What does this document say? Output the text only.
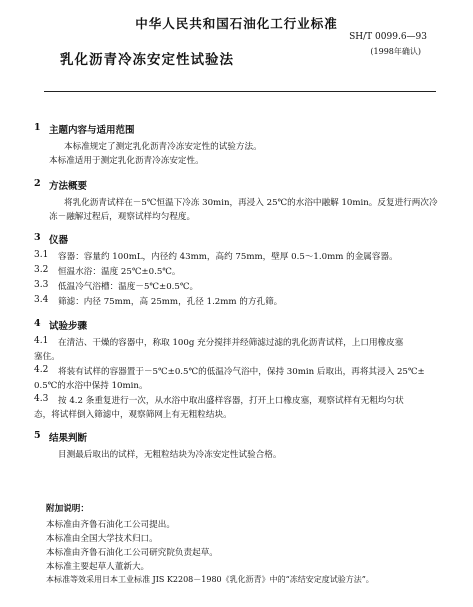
中华人民共和国石油化工行业标准
SH/T 0099.6—93
乳化沥青冷冻安定性试验法
(1998年确认)
1 主题内容与适用范围
本标准规定了测定乳化沥青冷冻安定性的试验方法。
本标准适用于测定乳化沥青冷冻安定性。
2 方法概要
将乳化沥青试样在－5℃恒温下冷冻 30min，再浸入 25℃的水浴中融解 10min。反复进行两次冷
冻－融解过程后，观察试样均匀程度。
3 仪器
3.1 容器：容量约 100mL，内径约 43mm，高约 75mm，壁厚 0.5～1.0mm 的金属容器。
3.2 恒温水浴：温度 25℃±0.5℃。
3.3 低温冷气浴槽：温度－5℃±0.5℃。
3.4 筛滤：内径 75mm，高 25mm，孔径 1.2mm 的方孔筛。
4 试验步骤
4.1 在清洁、干燥的容器中，称取 100g 充分搅拌并经筛滤过滤的乳化沥青试样，上口用橡皮塞
塞住。
4.2 将装有试样的容器置于－5℃±0.5℃的低温冷气浴中，保持 30min 后取出，再将其浸入 25℃±
0.5℃的水浴中保持 10min。
4.3 按 4.2 条重复进行一次，从水浴中取出盛样容器，打开上口橡皮塞，观察试样有无粗均匀状
态，将试样倒入筛滤中，观察筛网上有无粗粒结块。
5 结果判断
目测最后取出的试样，无粗粒结块为冷冻安定性试验合格。
附加说明：
本标准由齐鲁石油化工公司提出。
本标准由全国大学技术归口。
本标准由齐鲁石油化工公司研究院负责起草。
本标准主要起草人董新大。
本标准等效采用日本工业标准 JIS K2208－1980《乳化沥青》中的“冻结安定度试验方法”。
